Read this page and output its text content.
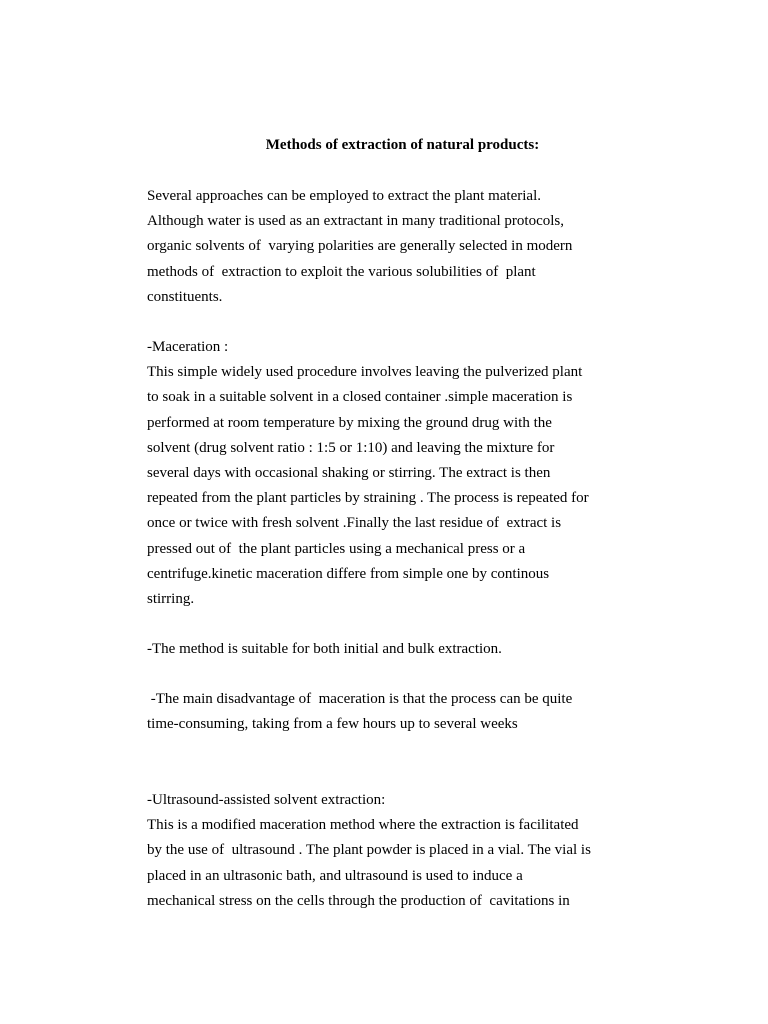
Methods of extraction of natural products:
Several approaches can be employed to extract the plant material.
Although water is used as an extractant in many traditional protocols,
organic solvents of  varying polarities are generally selected in modern
methods of  extraction to exploit the various solubilities of  plant
constituents.
-Maceration :
This simple widely used procedure involves leaving the pulverized plant
to soak in a suitable solvent in a closed container .simple maceration is
performed at room temperature by mixing the ground drug with the
solvent (drug solvent ratio : 1:5 or 1:10) and leaving the mixture for
several days with occasional shaking or stirring. The extract is then
repeated from the plant particles by straining . The process is repeated for
once or twice with fresh solvent .Finally the last residue of  extract is
pressed out of  the plant particles using a mechanical press or a
centrifuge.kinetic maceration differe from simple one by continous
stirring.
-The method is suitable for both initial and bulk extraction.
-The main disadvantage of  maceration is that the process can be quite
time-consuming, taking from a few hours up to several weeks
-Ultrasound-assisted solvent extraction:
This is a modified maceration method where the extraction is facilitated
by the use of  ultrasound . The plant powder is placed in a vial. The vial is
placed in an ultrasonic bath, and ultrasound is used to induce a
mechanical stress on the cells through the production of  cavitations in
